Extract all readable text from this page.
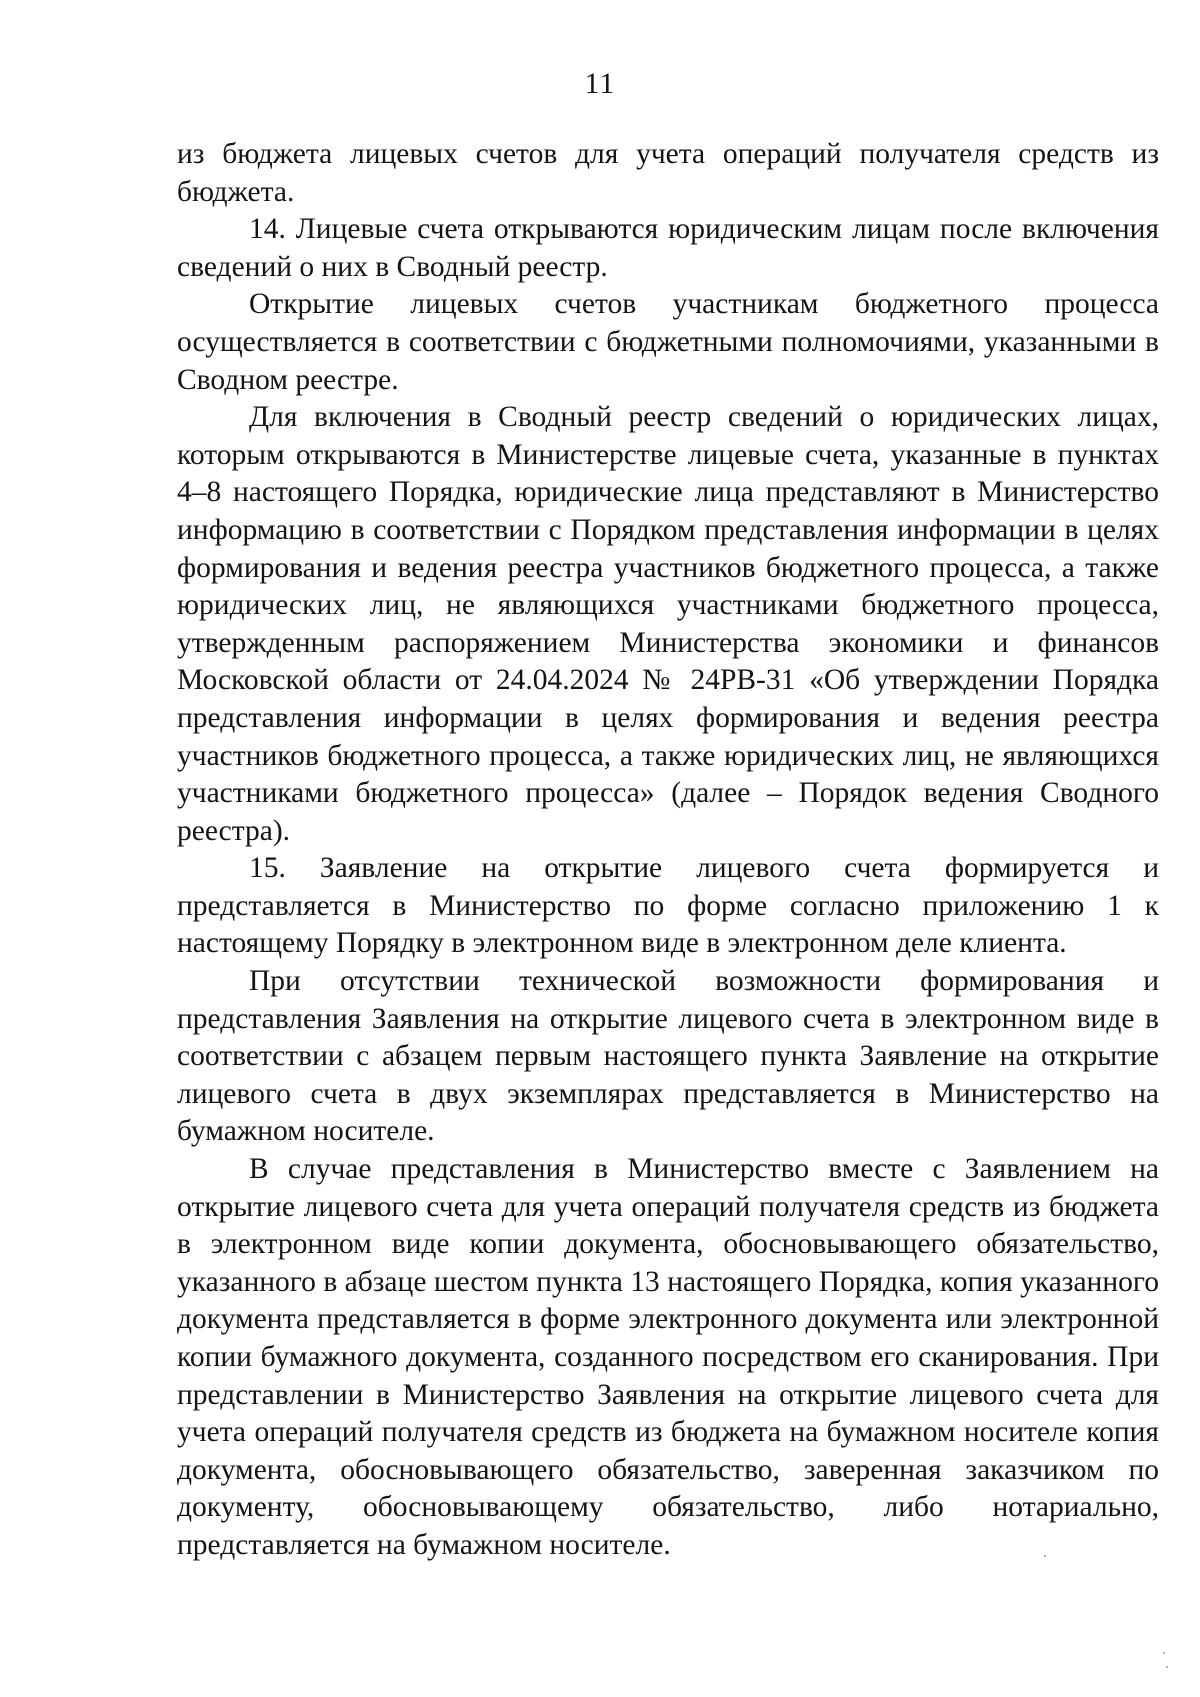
11

из бюджета лицевых счетов для учета операций получателя средств из бюджета.

14. Лицевые счета открываются юридическим лицам после включения сведений о них в Сводный реестр.

Открытие лицевых счетов участникам бюджетного процесса осуществляется в соответствии с бюджетными полномочиями, указанными в Сводном реестре.

Для включения в Сводный реестр сведений о юридических лицах, которым открываются в Министерстве лицевые счета, указанные в пунктах 4–8 настоящего Порядка, юридические лица представляют в Министерство информацию в соответствии с Порядком представления информации в целях формирования и ведения реестра участников бюджетного процесса, а также юридических лиц, не являющихся участниками бюджетного процесса, утвержденным распоряжением Министерства экономики и финансов Московской области от 24.04.2024 № 24РВ-31 «Об утверждении Порядка представления информации в целях формирования и ведения реестра участников бюджетного процесса, а также юридических лиц, не являющихся участниками бюджетного процесса» (далее – Порядок ведения Сводного реестра).

15. Заявление на открытие лицевого счета формируется и представляется в Министерство по форме согласно приложению 1 к настоящему Порядку в электронном виде в электронном деле клиента.

При отсутствии технической возможности формирования и представления Заявления на открытие лицевого счета в электронном виде в соответствии с абзацем первым настоящего пункта Заявление на открытие лицевого счета в двух экземплярах представляется в Министерство на бумажном носителе.

В случае представления в Министерство вместе с Заявлением на открытие лицевого счета для учета операций получателя средств из бюджета в электронном виде копии документа, обосновывающего обязательство, указанного в абзаце шестом пункта 13 настоящего Порядка, копия указанного документа представляется в форме электронного документа или электронной копии бумажного документа, созданного посредством его сканирования. При представлении в Министерство Заявления на открытие лицевого счета для учета операций получателя средств из бюджета на бумажном носителе копия документа, обосновывающего обязательство, заверенная заказчиком по документу, обосновывающему обязательство, либо нотариально, представляется на бумажном носителе.
